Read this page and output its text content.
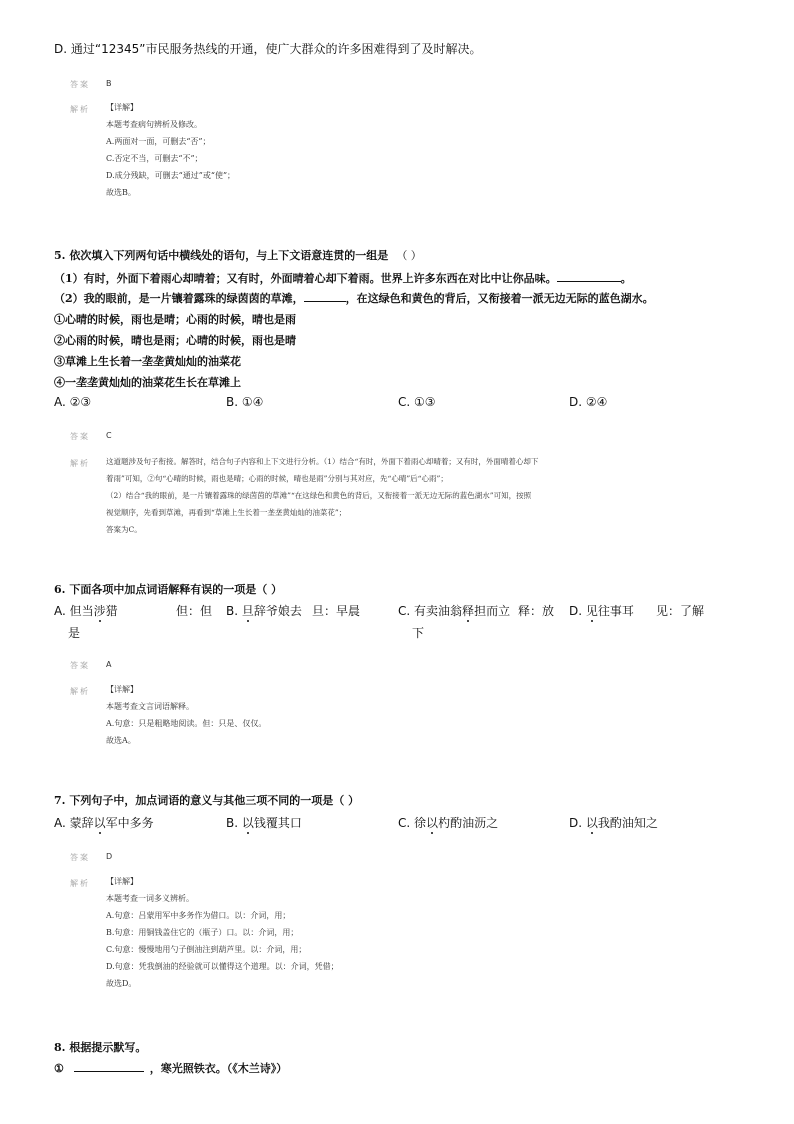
D. 通过“12345”市民服务热线的开通，使广大群众的许多困难得到了及时解决。
答案 B
解析 【详解】
本题考查病句辨析及修改。
A.两面对一面，可删去“否”；
C.否定不当，可删去“不”；
D.成分残缺，可删去“通过”或“使”；
故选B。
5. 依次填入下列两句话中横线处的语句，与上下文语意连贯的一组是 （ ）
（1）有时，外面下着雨心却晴着；又有时，外面晴着心却下着雨。世界上许多东西在对比中让你品味。	。
（2）我的眼前，是一片镶着露珠的绿茵茵的草滩，	，在这绿色和黄色的背后，又衔接着一派无边无际的蓝色湖水。
①心晴的时候，雨也是晴；心雨的时候，晴也是雨
②心雨的时候，晴也是雨；心晴的时候，雨也是晴
③草滩上生长着一垄垄黄灿灿的油菜花
④一垄垄黄灿灿的油菜花生长在草滩上
A. ②③	B. ①④	C. ①③	D. ②④
答案 C
解析 这道题涉及句子衔接。解答时，结合句子内容和上下文进行分析。（1）结合“有时，外面下着雨心却晴着；又有时，外面晴着心却下
着雨”可知，②句“心晴的时候，雨也是晴；心雨的时候，晴也是雨”分别与其对应，先“心晴”后“心雨”；
（2）结合“我的眼前，是一片镶着露珠的绿茵茵的草滩”“在这绿色和黄色的背后，又衔接着一派无边无际的蓝色湖水”可知，按照
视觉顺序，先看到草滩，再看到“草滩上生长着一垄垄黄灿灿的油菜花”；
答案为C。
6. 下面各项中加点词语解释有误的一项是（ ）
A. 但当涉猎	但：但
是
B. 旦辞爷娘去 旦：早晨	C. 有卖油翁释担而立 释：放
下
D. 见往事耳 见：了解
答案 A
解析 【详解】
本题考查文言词语解释。
A.句意：只是粗略地阅读。但：只是、仅仅。
故选A。
7. 下列句子中，加点词语的意义与其他三项不同的一项是（ ）
A. 蒙辞以军中多务	B. 以钱覆其口	C. 徐以杓酌油沥之	D. 以我酌油知之
答案 D
解析 【详解】
本题考查一词多义辨析。
A.句意：吕蒙用军中多务作为借口。以：介词，用；
B.句意：用铜钱盖住它的（瓶子）口。以：介词，用；
C.句意：慢慢地用勺子倒油注到葫芦里。以：介词，用；
D.句意：凭我倒油的经验就可以懂得这个道理。以：介词，凭借；
故选D。
8. 根据提示默写。
①	，寒光照铁衣。（《木兰诗》）
